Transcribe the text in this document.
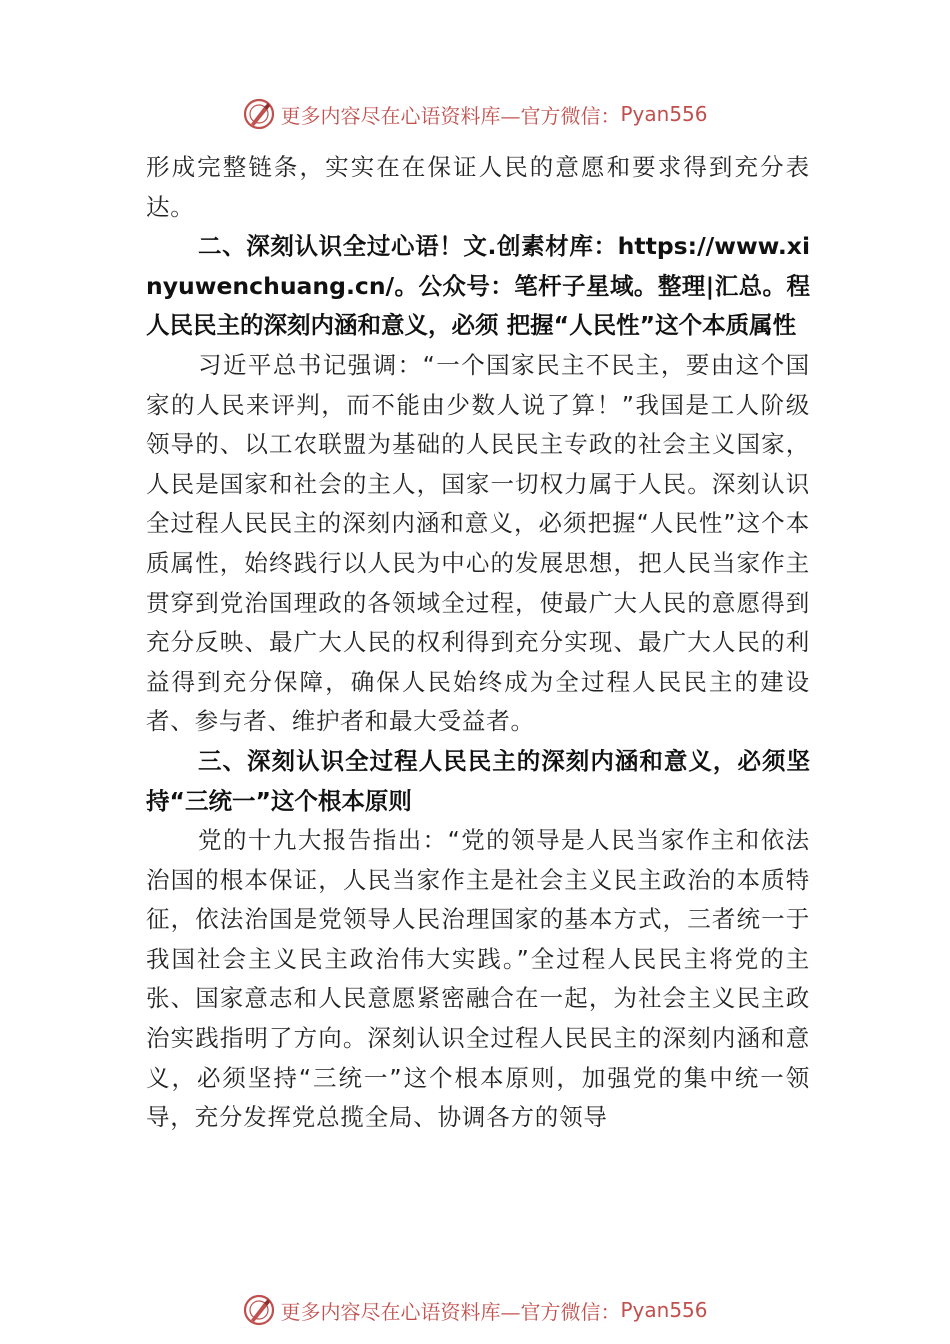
更多内容尽在心语资料库—官方微信： Pyan556

形成完整链条，实实在在保证人民的意愿和要求得到充分表达。

二、深刻认识全过心语！文.创素材库：https://www.xinyuwenchuang.cn/。公众号：笔杆子星域。整理|汇总。程人民民主的深刻内涵和意义，必须 把握“人民性”这个本质属性

习近平总书记强调：“一个国家民主不民主，要由这个国家的人民来评判，而不能由少数人说了算！”我国是工人阶级领导的、以工农联盟为基础的人民民主专政的社会主义国家，人民是国家和社会的主人，国家一切权力属于人民。深刻认识全过程人民民主的深刻内涵和意义，必须把握“人民性”这个本质属性，始终践行以人民为中心的发展思想，把人民当家作主贯穿到党治国理政的各领域全过程，使最广大人民的意愿得到充分反映、最广大人民的权利得到充分实现、最广大人民的利益得到充分保障，确保人民始终成为全过程人民民主的建设者、参与者、维护者和最大受益者。

三、深刻认识全过程人民民主的深刻内涵和意义，必须坚持“三统一”这个根本原则

党的十九大报告指出：“党的领导是人民当家作主和依法治国的根本保证，人民当家作主是社会主义民主政治的本质特征，依法治国是党领导人民治理国家的基本方式，三者统一于我国社会主义民主政治伟大实践。”全过程人民民主将党的主张、国家意志和人民意愿紧密融合在一起，为社会主义民主政治实践指明了方向。深刻认识全过程人民民主的深刻内涵和意义，必须坚持“三统一”这个根本原则，加强党的集中统一领导，充分发挥党总揽全局、协调各方的领导

更多内容尽在心语资料库—官方微信： Pyan556
